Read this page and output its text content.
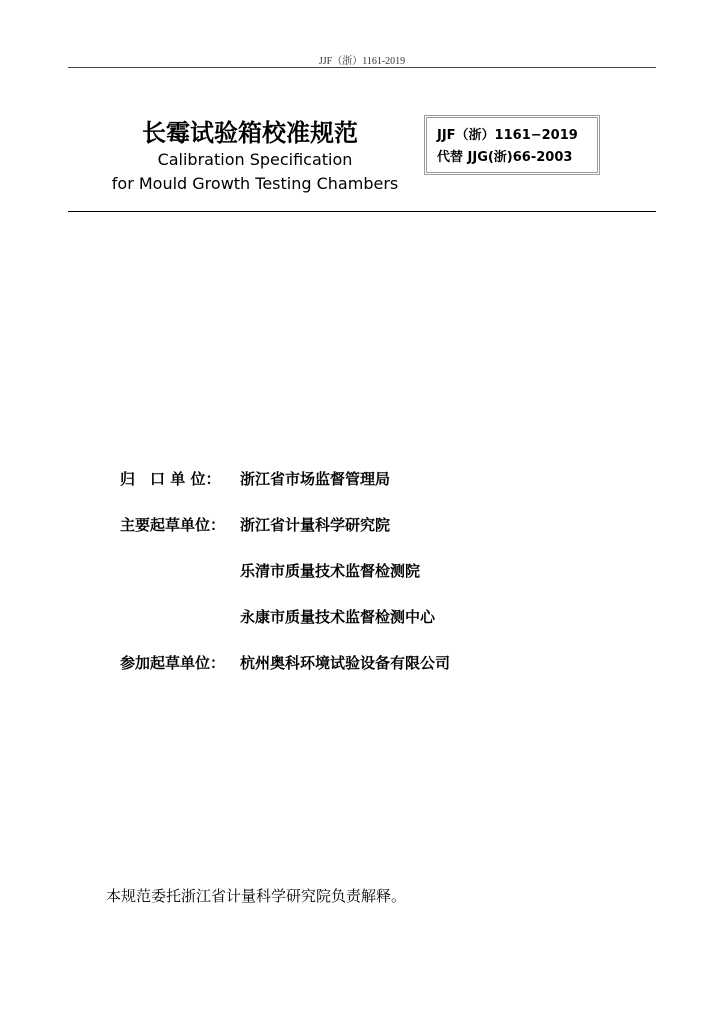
JJF（浙）1161-2019
长霉试验箱校准规范
Calibration Specification
for Mould Growth Testing Chambers
JJF（浙）1161−2019
代替 JJG(浙)66-2003
归　口 单 位： 浙江省市场监督管理局
主要起草单位： 浙江省计量科学研究院
乐清市质量技术监督检测院
永康市质量技术监督检测中心
参加起草单位： 杭州奥科环境试验设备有限公司
本规范委托浙江省计量科学研究院负责解释。
